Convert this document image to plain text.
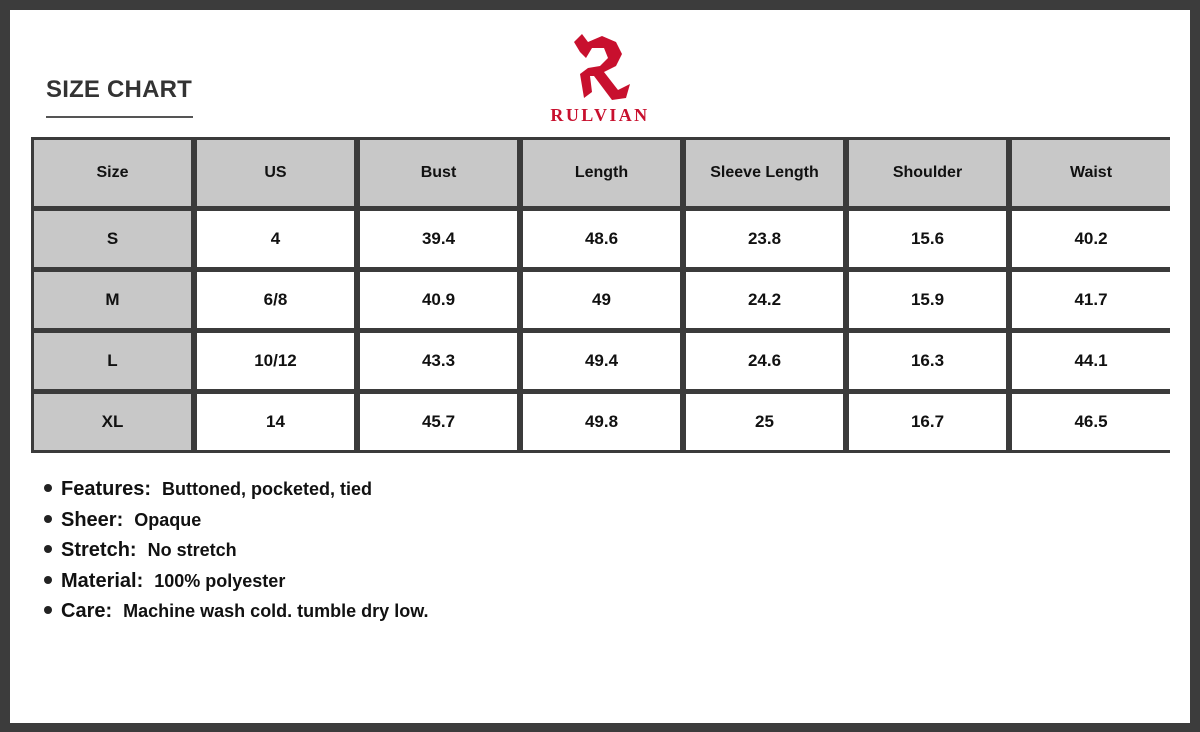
SIZE CHART
RULVIAN
Size	US	Bust	Length	Sleeve Length	Shoulder	Waist
S	4	39.4	48.6	23.8	15.6	40.2
M	6/8	40.9	49	24.2	15.9	41.7
L	10/12	43.3	49.4	24.6	16.3	44.1
XL	14	45.7	49.8	25	16.7	46.5
Features: Buttoned, pocketed, tied
Sheer: Opaque
Stretch: No stretch
Material: 100% polyester
Care: Machine wash cold. tumble dry low.
